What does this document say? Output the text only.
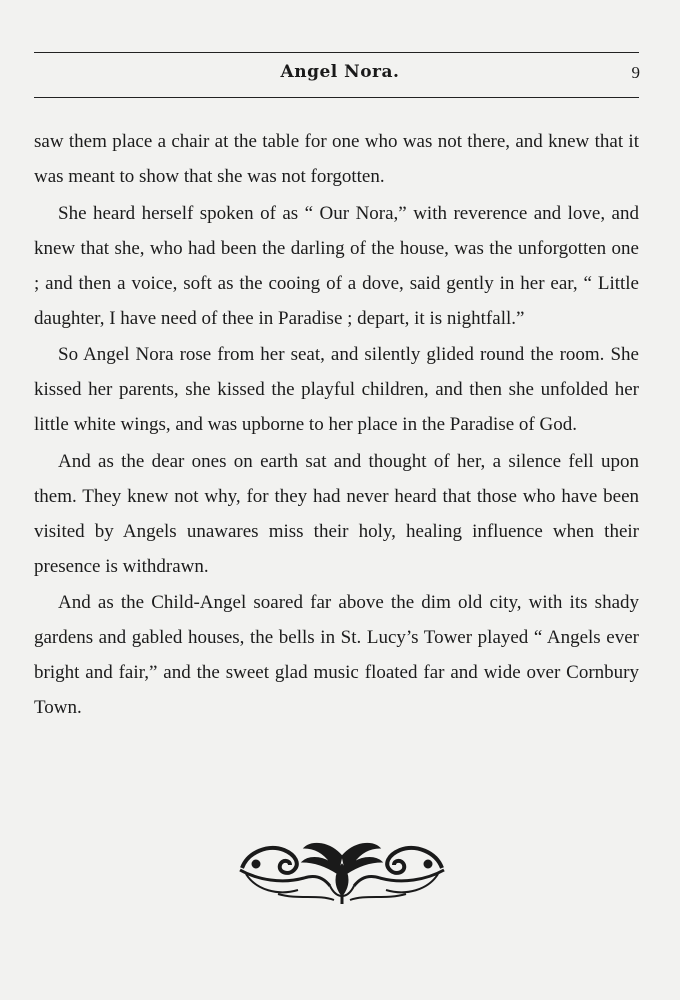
Angel Nora.	9

saw them place a chair at the table for one who was not there, and knew that it was meant to show that she was not forgotten.

She heard herself spoken of as “ Our Nora,” with reverence and love, and knew that she, who had been the darling of the house, was the unforgotten one ; and then a voice, soft as the cooing of a dove, said gently in her ear, “ Little daughter, I have need of thee in Paradise ; depart, it is nightfall.”

So Angel Nora rose from her seat, and silently glided round the room. She kissed her parents, she kissed the playful children, and then she unfolded her little white wings, and was upborne to her place in the Paradise of God.

And as the dear ones on earth sat and thought of her, a silence fell upon them. They knew not why, for they had never heard that those who have been visited by Angels unawares miss their holy, healing influence when their presence is withdrawn.

And as the Child-Angel soared far above the dim old city, with its shady gardens and gabled houses, the bells in St. Lucy’s Tower played “ Angels ever bright and fair,” and the sweet glad music floated far and wide over Cornbury Town.
